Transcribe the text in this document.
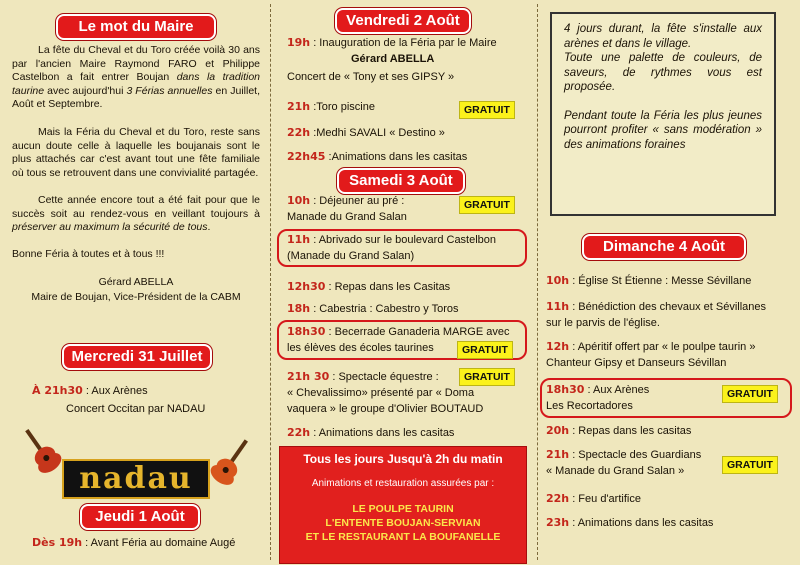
Le mot du Maire
La fête du Cheval et du Toro créée voilà 30 ans par l'ancien Maire Raymond FARO et Philippe Castelbon a fait entrer Boujan dans la tradition taurine avec aujourd'hui 3 Férias annuelles en Juillet, Août et Septembre.
Mais la Féria du Cheval et du Toro, reste sans aucun doute celle à laquelle les boujanais sont le plus attachés car c'est avant tout une fête familiale où tous se retrouvent dans une convivialité partagée.
Cette année encore tout a été fait pour que le succès soit au rendez-vous en veillant toujours à préserver au maximum la sécurité de tous.
Bonne Féria à toutes et à tous !!!
Gérard ABELLA
Maire de Boujan, Vice-Président de la CABM
Mercredi 31 Juillet
À 21h30 : Aux Arènes
Concert Occitan par NADAU
nadau
Jeudi 1 Août
Dès 19h : Avant Féria au domaine Augé
Vendredi 2 Août
19h : Inauguration de la Féria par le Maire
Gérard ABELLA
Concert de « Tony et ses GIPSY »
21h :Toro piscine	GRATUIT
22h :Medhi SAVALI « Destino »
22h45 :Animations dans les casitas
Samedi 3 Août
10h : Déjeuner au pré :
Manade du Grand Salan
GRATUIT
11h : Abrivado sur le boulevard Castelbon
(Manade du Grand Salan)
12h30 : Repas dans les Casitas
18h : Cabestria : Cabestro y Toros
18h30 : Becerrade Ganaderia MARGE avec
les élèves des écoles taurines	GRATUIT
21h 30 : Spectacle équestre :	GRATUIT
« Chevalissimo» présenté par « Doma
vaquera » le groupe d'Olivier BOUTAUD
22h : Animations dans les casitas
Tous les jours Jusqu'à 2h du matin
Animations et restauration assurées par :
LE POULPE TAURIN
L'ENTENTE BOUJAN-SERVIAN
ET LE RESTAURANT LA BOUFANELLE
4 jours durant, la fête s'installe aux arènes et dans le village.
Toute une palette de couleurs, de saveurs, de rythmes vous est proposée.
Pendant toute la Féria les plus jeunes pourront profiter « sans modération » des animations foraines
Dimanche 4 Août
10h : Église St Étienne : Messe Sévillane
11h : Bénédiction des chevaux et Sévillanes
sur le parvis de l'église.
12h : Apéritif offert par « le poulpe taurin »
Chanteur Gipsy et Danseurs Sévillan
18h30 : Aux Arènes
Les Recortadores
GRATUIT
20h : Repas dans les casitas
21h : Spectacle des Guardians
« Manade du Grand Salan »	GRATUIT
22h : Feu d'artifice
23h : Animations dans les casitas
